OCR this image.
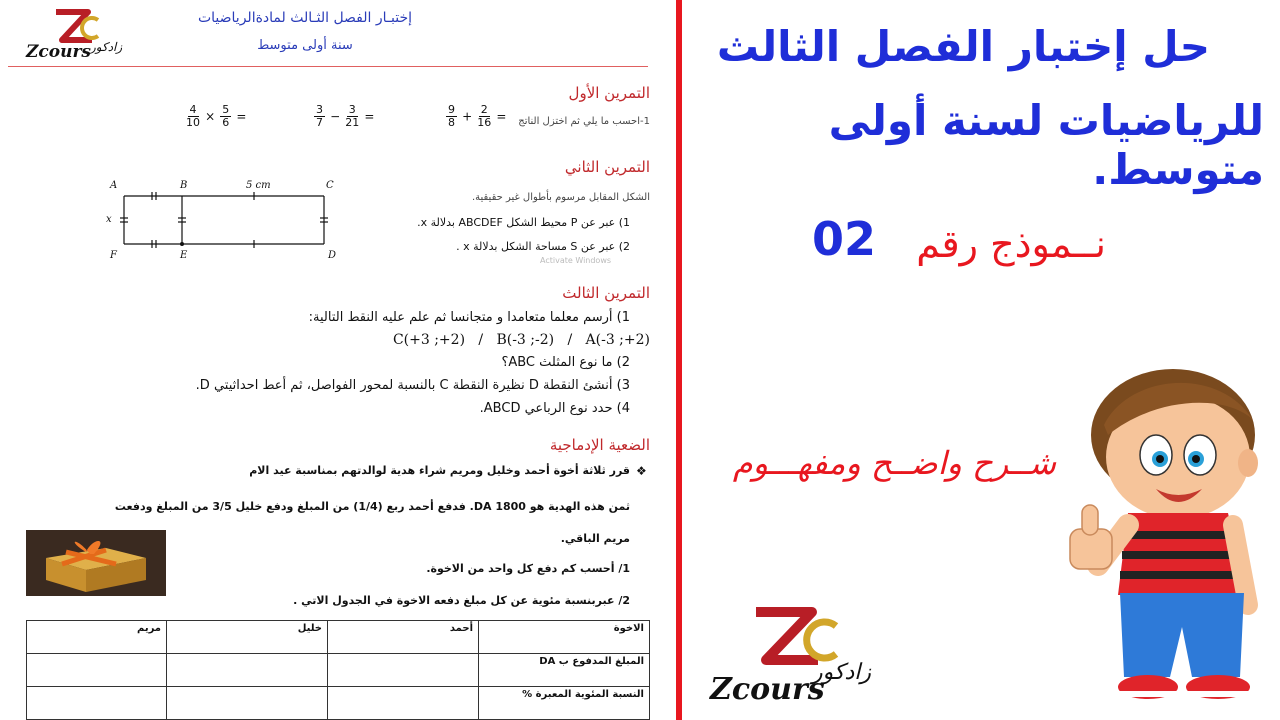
Zcours زادكور
إختبـار الفصل الثـالث لمادةالرياضيات
سنة أولى متوسط
التمرين الأول
1-احسب ما يلي ثم اختزل الناتج
$\frac{4}{10} \times \frac{5}{6}$ =	$\frac{3}{7} - \frac{3}{21}$ =	$\frac{9}{8} + \frac{2}{16}$ =
التمرين الثاني
A	B	C
5 cm
x
F	E	D
الشكل المقابل مرسوم بأطوال غير حقيقية.
1) عبر عن P محيط الشكل ABCDEF بدلالة x.
2) عبر عن S مساحة الشكل بدلالة x .
Activate Windows
التمرين الثالث
1) أرسم معلما متعامدا و متجانسا ثم علم عليه النقط التالية:
C(+3 ;+2)   /   B(-3 ;-2)   /   A(-3 ;+2)
2) ما نوع المثلث ABC؟
3) أنشئ النقطة D نظيرة النقطة C بالنسبة لمحور الفواصل، ثم أعط احداثيتي D.
4) حدد نوع الرباعي ABCD.
الضعية الإدماجية
❖
قرر ثلاثة أخوة أحمد وخليل ومريم شراء هدية لوالدتهم بمناسبة عيد الام
ثمن هذه الهدية هو DA 1800. فدفع أحمد ربع (1/4) من المبلغ ودفع خليل 3/5 من المبلغ ودفعت
مريم الباقي.
1/ أحسب كم دفع كل واحد من الاخوة.
2/ عبربنسبة مئوية عن كل مبلغ دفعه الاخوة في الجدول الاتي .
الاخوة	أحمد	خليل	مريم
المبلغ المدفوع ب DA			
النسبة المئوية المعبرة %			
حل إختبار الفصل الثالث
للرياضيات لسنة أولى متوسط.
02	نــموذج رقم
شــرح واضــح ومفهـــوم
Zcours
زادكور
